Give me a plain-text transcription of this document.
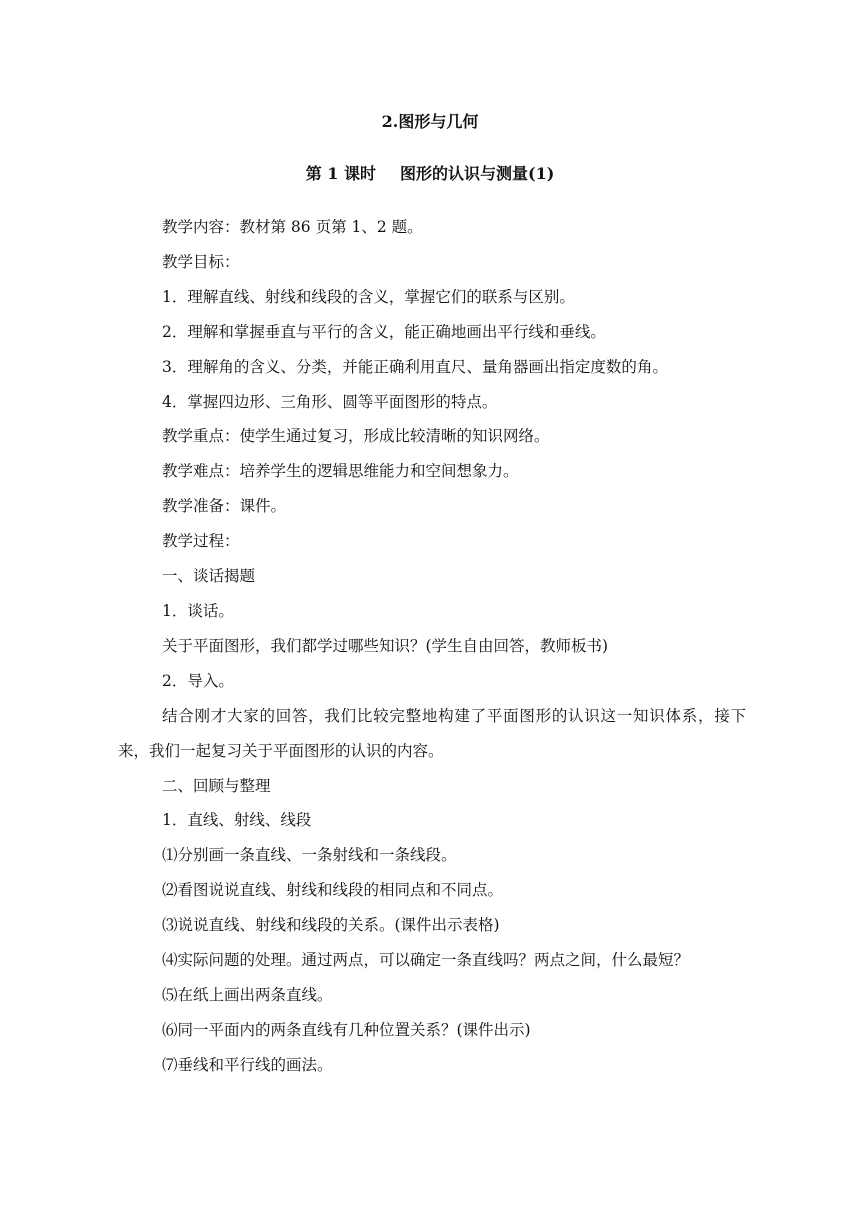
2.图形与几何
第 1 课时 图形的认识与测量(1)

教学内容：教材第 86 页第 1、2 题。

教学目标：

1．理解直线、射线和线段的含义，掌握它们的联系与区别。

2．理解和掌握垂直与平行的含义，能正确地画出平行线和垂线。

3．理解角的含义、分类，并能正确利用直尺、量角器画出指定度数的角。

4．掌握四边形、三角形、圆等平面图形的特点。

教学重点：使学生通过复习，形成比较清晰的知识网络。

教学难点：培养学生的逻辑思维能力和空间想象力。

教学准备：课件。

教学过程：

一、谈话揭题

1．谈话。

关于平面图形，我们都学过哪些知识？(学生自由回答，教师板书)

2．导入。

结合刚才大家的回答，我们比较完整地构建了平面图形的认识这一知识体系，接下来，我们一起复习关于平面图形的认识的内容。

二、回顾与整理

1．直线、射线、线段

⑴分别画一条直线、一条射线和一条线段。

⑵看图说说直线、射线和线段的相同点和不同点。

⑶说说直线、射线和线段的关系。(课件出示表格)

⑷实际问题的处理。通过两点，可以确定一条直线吗？两点之间，什么最短？

⑸在纸上画出两条直线。

⑹同一平面内的两条直线有几种位置关系？(课件出示)

⑺垂线和平行线的画法。
